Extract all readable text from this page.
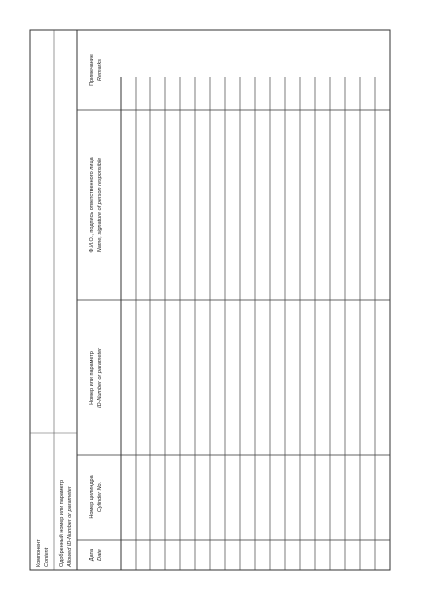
Компонент Content Одобренный номер или параметр Allowed ID-Number or parameter	Дата Date
Номер цилиндра Cylinder No.
Номер или параметр ID-Number or parameter
Ф.И.О., подпись ответственного лица Name, signature of person responsible
Примечание Remarks
